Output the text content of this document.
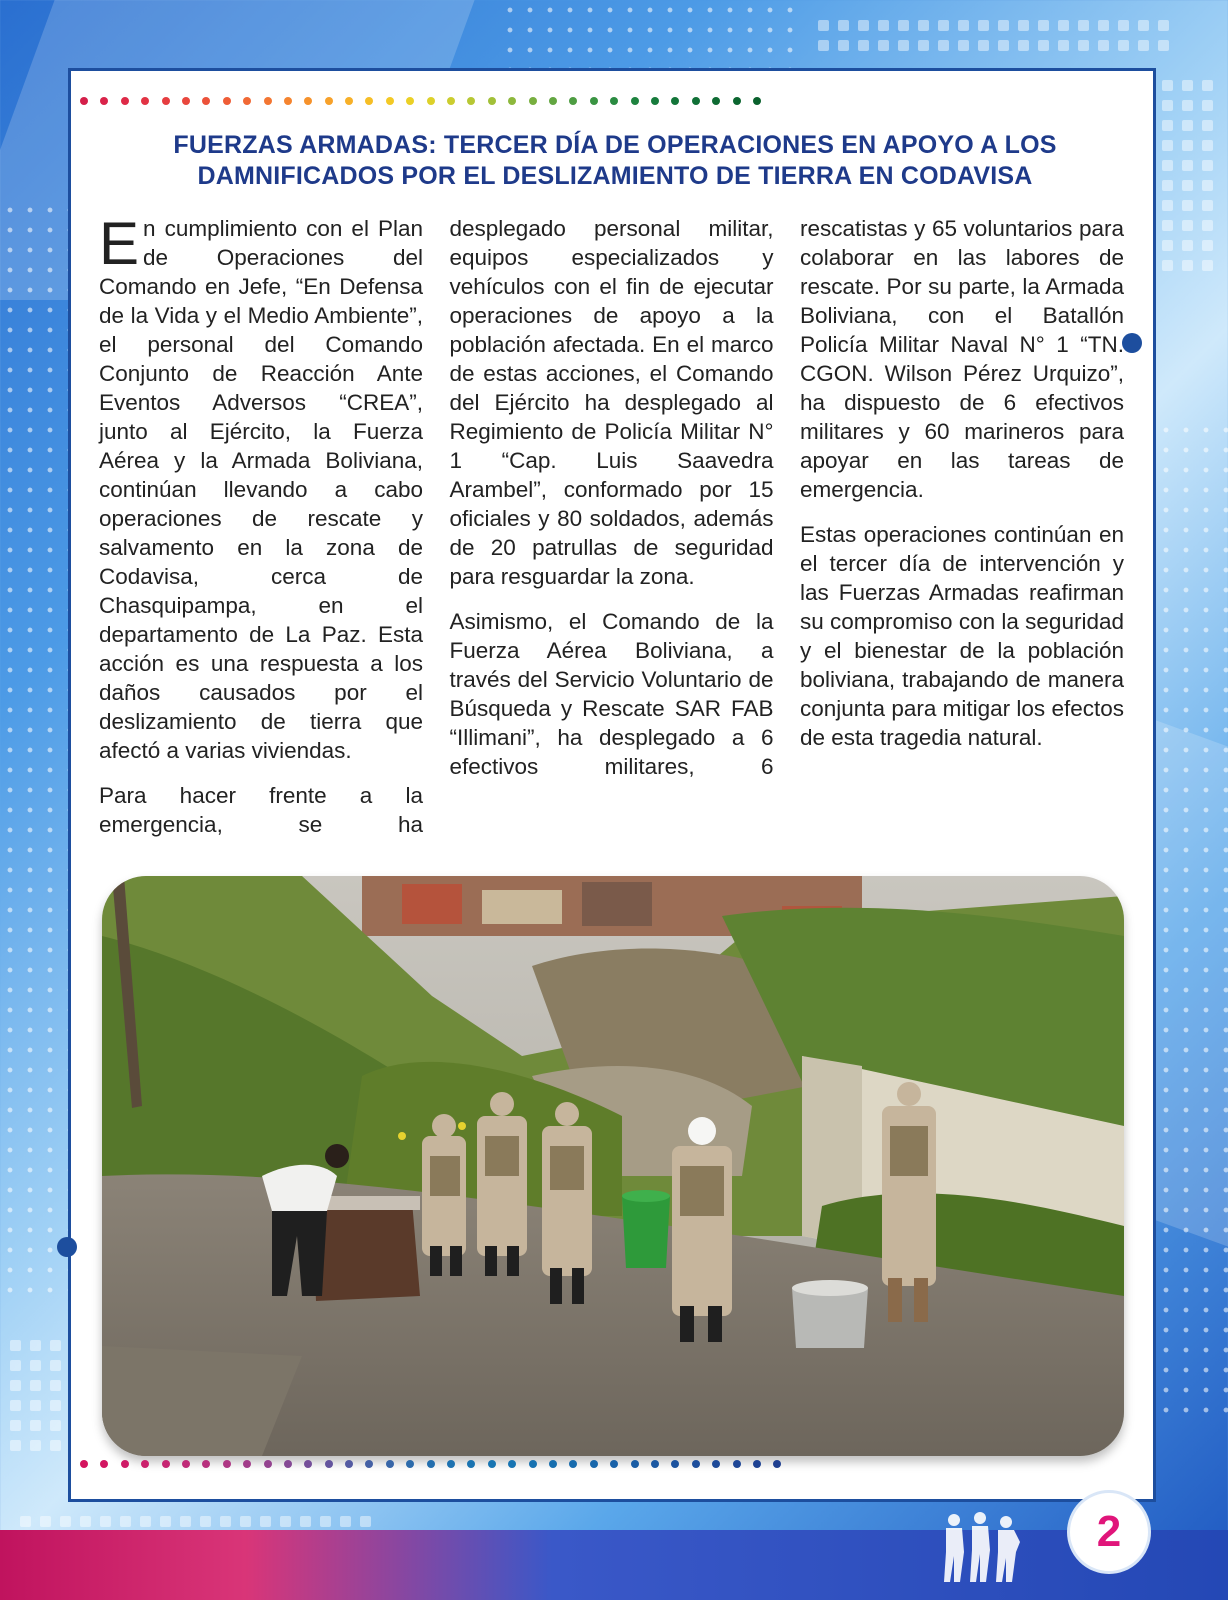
FUERZAS ARMADAS: TERCER DÍA DE OPERACIONES EN APOYO A LOS
DAMNIFICADOS POR EL DESLIZAMIENTO DE TIERRA EN CODAVISA

En cumplimiento con el Plan de Operaciones del Comando en Jefe, “En Defensa de la Vida y el Medio Ambiente”, el personal del Comando Conjunto de Reacción Ante Eventos Adversos “CREA”, junto al Ejército, la Fuerza Aérea y la Armada Boliviana, continúan llevando a cabo operaciones de rescate y salvamento en la zona de Codavisa, cerca de Chasquipampa, en el departamento de La Paz. Esta acción es una respuesta a los daños causados por el deslizamiento de tierra que afectó a varias viviendas.

Para hacer frente a la emergencia, se ha

desplegado personal militar, equipos especializados y vehículos con el fin de ejecutar operaciones de apoyo a la población afectada. En el marco de estas acciones, el Comando del Ejército ha desplegado al Regimiento de Policía Militar N° 1 “Cap. Luis Saavedra Arambel”, conformado por 15 oficiales y 80 soldados, además de 20 patrullas de seguridad para resguardar la zona.

Asimismo, el Comando de la Fuerza Aérea Boliviana, a través del Servicio Voluntario de Búsqueda y Rescate SAR FAB “Illimani”, ha desplegado a 6 efectivos militares, 6

rescatistas y 65 voluntarios para colaborar en las labores de rescate. Por su parte, la Armada Boliviana, con el Batallón Policía Militar Naval N° 1 “TN. CGON. Wilson Pérez Urquizo”, ha dispuesto de 6 efectivos militares y 60 marineros para apoyar en las tareas de emergencia.

Estas operaciones continúan en el tercer día de intervención y las Fuerzas Armadas reafirman su compromiso con la seguridad y el bienestar de la población boliviana, trabajando de manera conjunta para mitigar los efectos de esta tragedia natural.

2
